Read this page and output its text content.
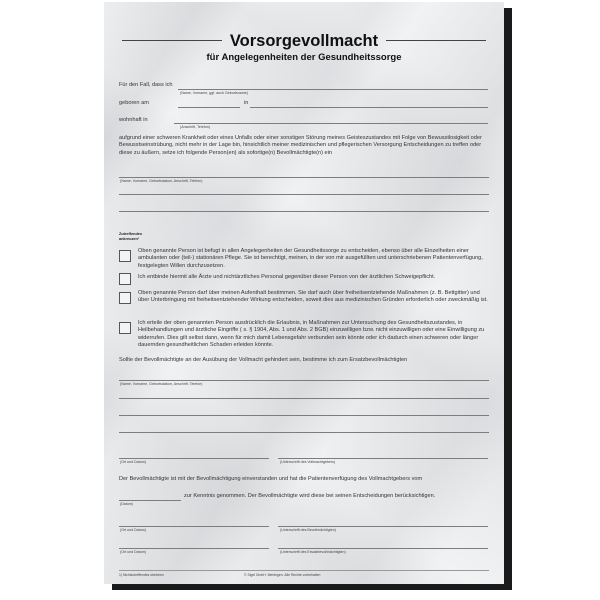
Vorsorgevollmacht
für Angelegenheiten der Gesundheitssorge
Für den Fall, dass ich
(Name, Vorname, ggf. auch Geburtsname)
geboren am	in
wohnhaft in
(Anschrift, Telefon)
aufgrund einer schweren Krankheit oder eines Unfalls oder einer sonstigen Störung meines Geisteszustandes mit Folge von Bewusstlosigkeit oder Bewusstseinstrübung, nicht mehr in der Lage bin, hinsichtlich meiner medizinischen und pflegerischen Versorgung Entscheidungen zu treffen oder diese zu äußern, setze ich folgende Person(en) als sofortige(n) Bevollmächtigte(n) ein
(Name, Vorname, Geburtsdatum, Anschrift, Telefon)
Zutreffendes ankreuzen¹
Oben genannte Person ist befugt in allen Angelegenheiten der Gesundheitssorge zu entscheiden, ebenso über alle Einzelheiten einer ambulanten oder (teil-) stationären Pflege. Sie ist berechtigt, meinen, in der von mir ausgefüllten und unterschriebenen Patientenverfügung, festgelegten Willen durchzusetzen.
Ich entbinde hiermit alle Ärzte und nichtärztliches Personal gegenüber dieser Person von der ärztlichen Schweigepflicht.
Oben genannte Person darf über meinen Aufenthalt bestimmen. Sie darf auch über freiheitsentziehende Maßnahmen (z. B. Bettgitter) und über Unterbringung mit freiheitsentziehender Wirkung entscheiden, soweit dies aus medizinischen Gründen erforderlich oder zweckmäßig ist.
Ich erteile der oben genannten Person ausdrücklich die Erlaubnis, in Maßnahmen zur Untersuchung des Gesundheitszustandes, in Heilbehandlungen und ärztliche Eingriffe ( s. § 1904, Abs. 1 und Abs. 2 BGB) einzuwilligen bzw. nicht einzuwilligen oder eine Einwilligung zu widerrufen. Dies gilt selbst dann, wenn für mich damit Lebensgefahr verbunden sein könnte oder ich dadurch einen schweren oder länger dauernden gesundheitlichen Schaden erleiden könnte.
Sollte der Bevollmächtigte an der Ausübung der Vollmacht gehindert sein, bestimme ich zum Ersatzbevollmächtigten
(Name, Vorname, Geburtsdatum, Anschrift, Telefon)
(Ort und Datum)	(Unterschrift des Vollmachtgebers)
Der Bevollmächtigte ist mit der Bevollmächtigung einverstanden und hat die Patientenverfügung des Vollmachtgebers vom
(Datum)
zur Kenntnis genommen. Der Bevollmächtigte wird diese bei seinen Entscheidungen berücksichtigen.
(Ort und Datum)	(Unterschrift des Bevollmächtigten)
(Ort und Datum)	(Unterschrift des Ersatzbevollmächtigten)
1) Nichtzutreffendes streichen	© Sigel GmbH, Mertingen. Alle Rechte vorbehalten
